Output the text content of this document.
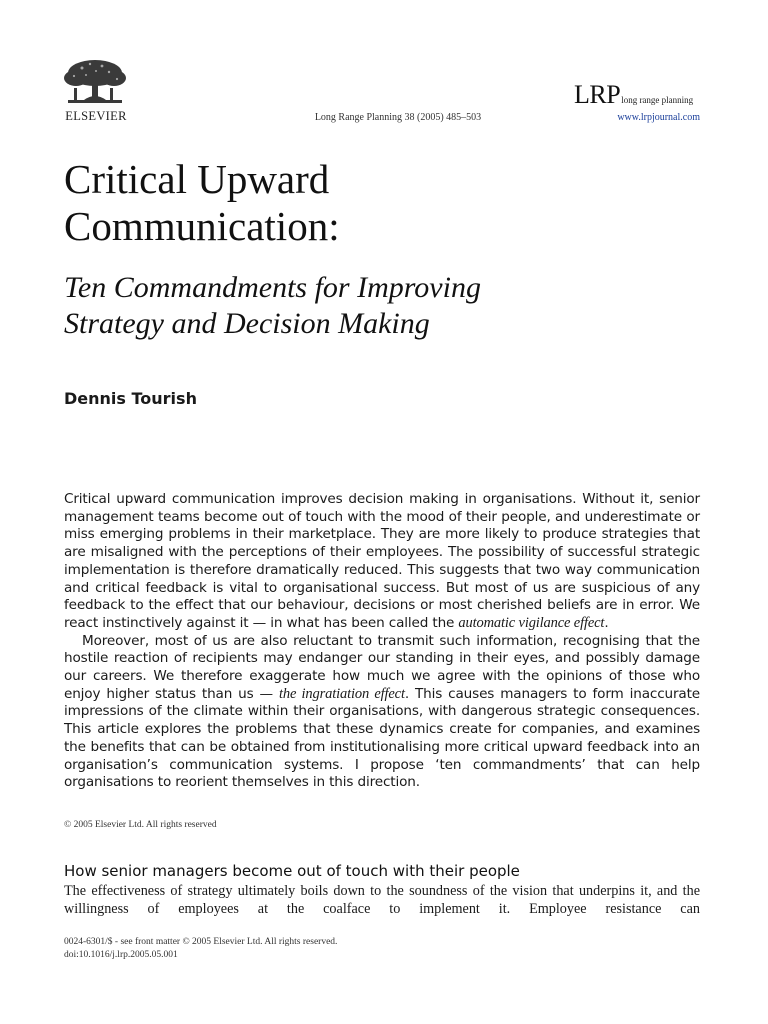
ELSEVIER	Long Range Planning 38 (2005) 485–503
LRPlong range planning
www.lrpjournal.com
Critical Upward
Communication:
Ten Commandments for Improving
Strategy and Decision Making
Dennis Tourish

Critical upward communication improves decision making in organisations. Without it, senior management teams become out of touch with the mood of their people, and underestimate or miss emerging problems in their marketplace. They are more likely to produce strategies that are misaligned with the perceptions of their employees. The possibility of successful strategic implementation is therefore dramatically reduced. This suggests that two way communication and critical feedback is vital to organisational success. But most of us are suspicious of any feedback to the effect that our behaviour, decisions or most cherished beliefs are in error. We react instinctively against it — in what has been called the automatic vigilance effect.

Moreover, most of us are also reluctant to transmit such information, recognising that the hostile reaction of recipients may endanger our standing in their eyes, and possibly damage our careers. We therefore exaggerate how much we agree with the opinions of those who enjoy higher status than us — the ingratiation effect. This causes managers to form inaccurate impressions of the climate within their organisations, with dangerous strategic consequences. This article explores the problems that these dynamics create for companies, and examines the benefits that can be obtained from institutionalising more critical upward feedback into an organisation’s communication systems. I propose ‘ten commandments’ that can help organisations to reorient themselves in this direction.

© 2005 Elsevier Ltd. All rights reserved
How senior managers become out of touch with their people

The effectiveness of strategy ultimately boils down to the soundness of the vision that underpins it, and the willingness of employees at the coalface to implement it. Employee resistance can

0024-6301/$ - see front matter © 2005 Elsevier Ltd. All rights reserved.
doi:10.1016/j.lrp.2005.05.001
